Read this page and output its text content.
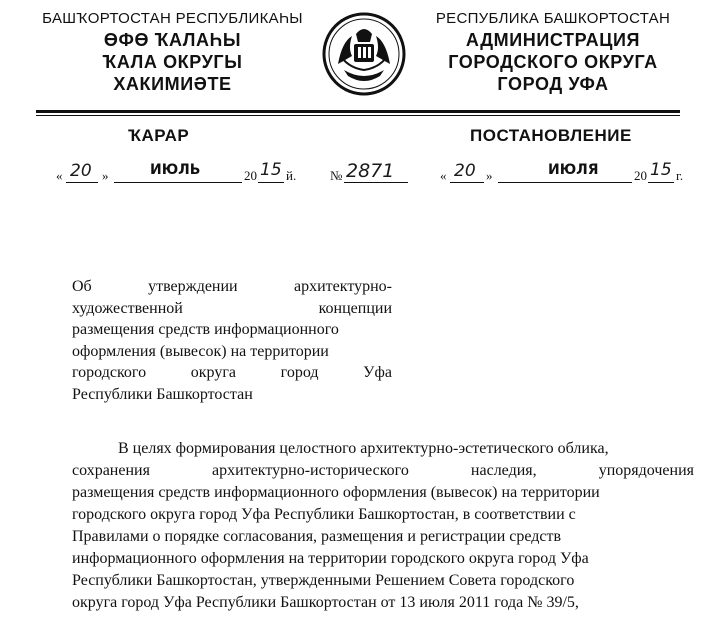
БАШҠОРТОСТАН РЕСПУБЛИКАҺЫ
ӨФӨ ҠАЛАҺЫ
ҠАЛА ОКРУГЫ
ХАКИМИӘТЕ
РЕСПУБЛИКА БАШКОРТОСТАН
АДМИНИСТРАЦИЯ
ГОРОДСКОГО ОКРУГА
ГОРОД УФА
ҠАРАР	ПОСТАНОВЛЕНИЕ
« 20 »	ИЮЛЬ	20 15 й.	№ 2871	« 20 »	ИЮЛЯ	20 15 г.
Об	утверждении	архитектурно-
художественной	концепции
размещения средств информационного
оформления (вывесок) на территории
городского	округа	город	Уфа
Республики Башкортостан
В целях формирования целостного архитектурно-эстетического облика,
сохранения	архитектурно-исторического	наследия,	упорядочения
размещения средств информационного оформления (вывесок) на территории
городского округа город Уфа Республики Башкортостан, в соответствии с
Правилами о порядке согласования, размещения и регистрации средств
информационного оформления на территории городского округа город Уфа
Республики Башкортостан, утвержденными Решением Совета городского
округа город Уфа Республики Башкортостан от 13 июля 2011 года № 39/5,
